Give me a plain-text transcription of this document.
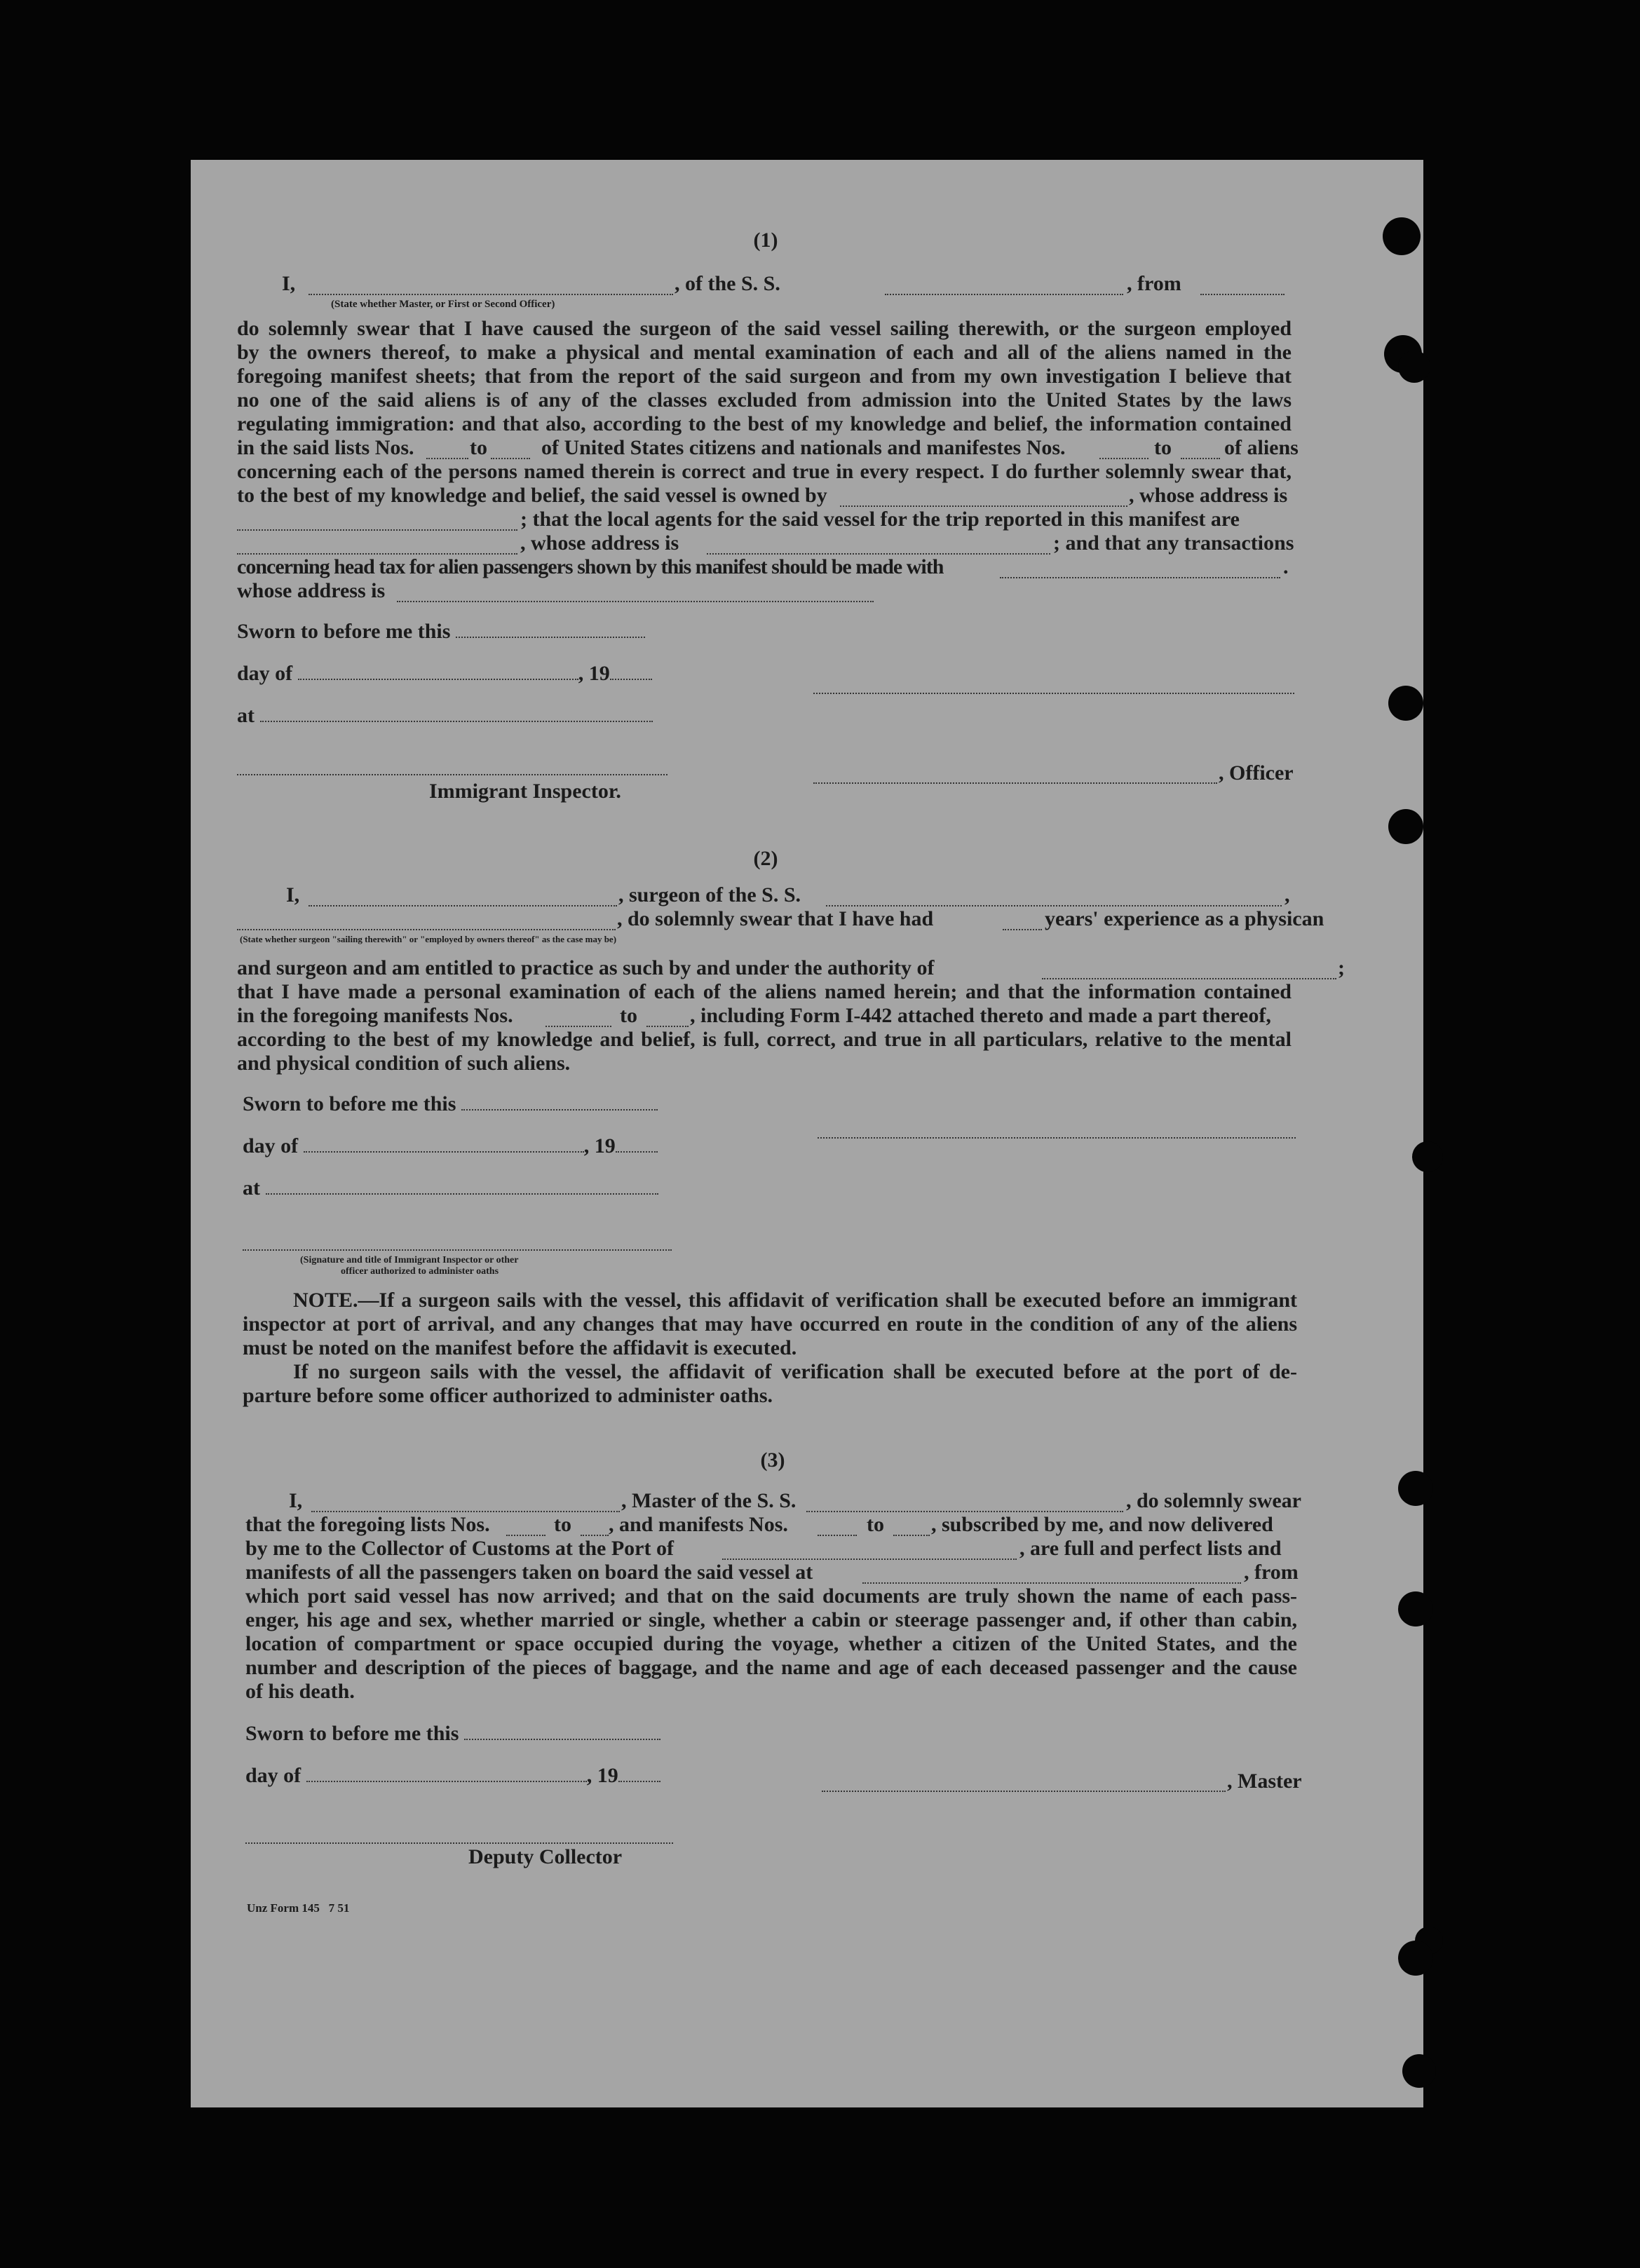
(1)
I,	, of the S. S.	, from
(State whether Master, or First or Second Officer)
do solemnly swear that I have caused the surgeon of the said vessel sailing therewith, or the surgeon employed
by the owners thereof, to make a physical and mental examination of each and all of the aliens named in the
foregoing manifest sheets; that from the report of the said surgeon and from my own investigation I believe that
no one of the said aliens is of any of the classes excluded from admission into the United States by the laws
regulating immigration: and that also, according to the best of my knowledge and belief, the information contained
in the said lists Nos.	to	of United States citizens and nationals and manifestes Nos.	to	of aliens
concerning each of the persons named therein is correct and true in every respect. I do further solemnly swear that,
to the best of my knowledge and belief, the said vessel is owned by	, whose address is
; that the local agents for the said vessel for the trip reported in this manifest are
, whose address is	; and that any transactions
concerning head tax for alien passengers shown by this manifest should be made with	.
whose address is
Sworn to before me this
day of	, 19
at
, Officer
Immigrant Inspector.
(2)
I,	, surgeon of the S. S.	,
, do solemnly swear that I have had	years' experience as a physican
(State whether surgeon "sailing therewith" or "employed by owners thereof" as the case may be)
and surgeon and am entitled to practice as such by and under the authority of	;
that I have made a personal examination of each of the aliens named herein; and that the information contained
in the foregoing manifests Nos.	to	, including Form I-442 attached thereto and made a part thereof,
according to the best of my knowledge and belief, is full, correct, and true in all particulars, relative to the mental
and physical condition of such aliens.
Sworn to before me this
day of	, 19
at
(Signature and title of Immigrant Inspector or other
officer authorized to administer oaths
NOTE.—If a surgeon sails with the vessel, this affidavit of verification shall be executed before an immigrant
inspector at port of arrival, and any changes that may have occurred en route in the condition of any of the aliens
must be noted on the manifest before the affidavit is executed.
If no surgeon sails with the vessel, the affidavit of verification shall be executed before at the port of de-
parture before some officer authorized to administer oaths.
(3)
I,	, Master of the S. S.	, do solemnly swear
that the foregoing lists Nos.	to , and manifests Nos.	to , subscribed by me, and now delivered
by me to the Collector of Customs at the Port of	, are full and perfect lists and
manifests of all the passengers taken on board the said vessel at	, from
which port said vessel has now arrived; and that on the said documents are truly shown the name of each pass-
enger, his age and sex, whether married or single, whether a cabin or steerage passenger and, if other than cabin,
location of compartment or space occupied during the voyage, whether a citizen of the United States, and the
number and description of the pieces of baggage, and the name and age of each deceased passenger and the cause
of his death.
Sworn to before me this
day of	, 19	, Master
Deputy Collector
Unz Form 145   7 51
